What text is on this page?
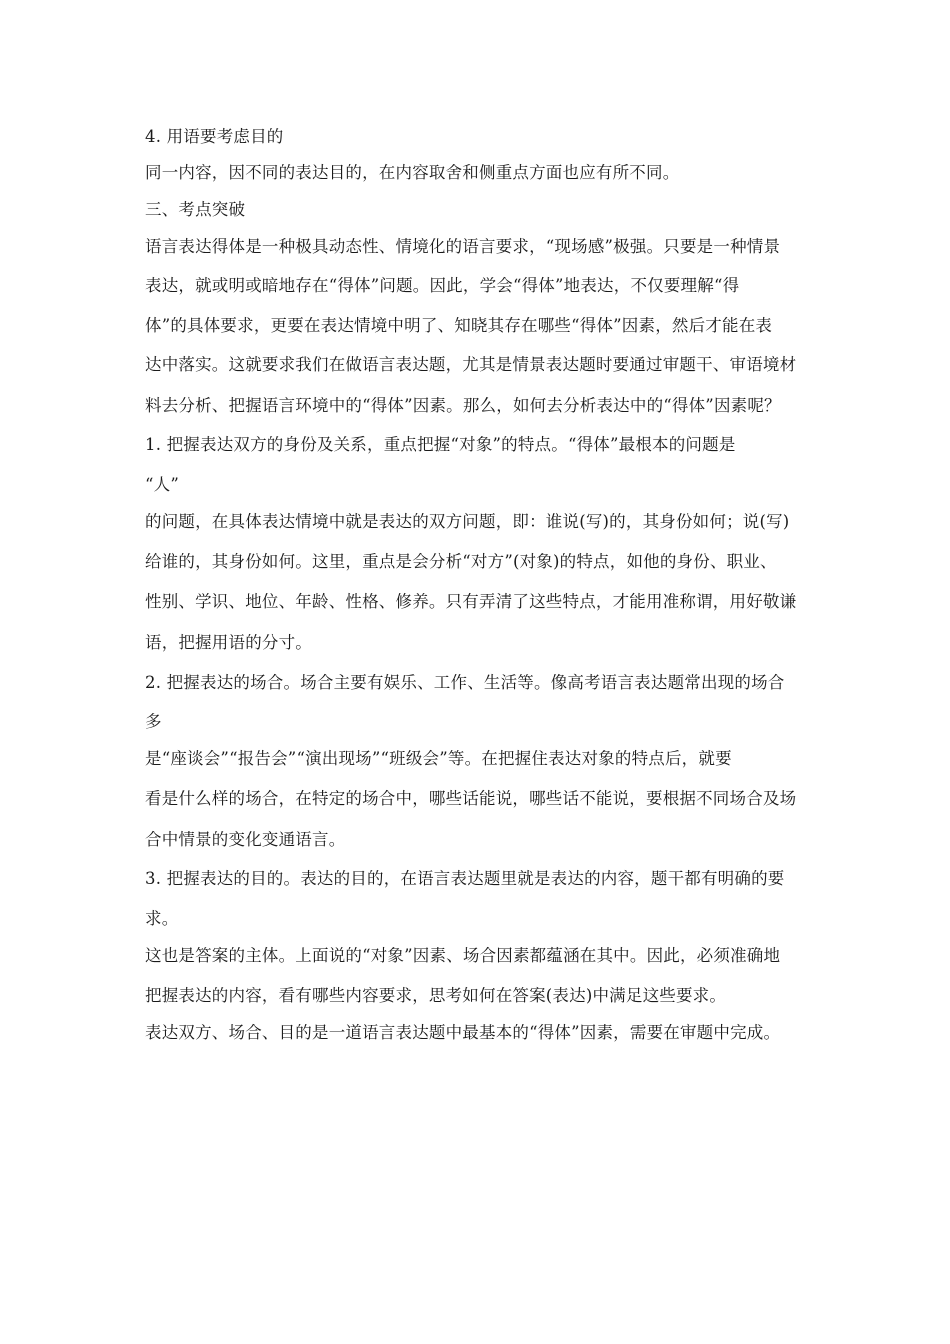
4. 用语要考虑目的
同一内容，因不同的表达目的，在内容取舍和侧重点方面也应有所不同。
三、考点突破
语言表达得体是一种极具动态性、情境化的语言要求，“现场感”极强。只要是一种情景
表达，就或明或暗地存在“得体”问题。因此，学会“得体”地表达，不仅要理解“得
体”的具体要求，更要在表达情境中明了、知晓其存在哪些“得体”因素，然后才能在表
达中落实。这就要求我们在做语言表达题，尤其是情景表达题时要通过审题干、审语境材
料去分析、把握语言环境中的“得体”因素。那么，如何去分析表达中的“得体”因素呢？
1. 把握表达双方的身份及关系，重点把握“对象”的特点。“得体”最根本的问题是
“人”
的问题，在具体表达情境中就是表达的双方问题，即：谁说(写)的，其身份如何；说(写)
给谁的，其身份如何。这里，重点是会分析“对方”(对象)的特点，如他的身份、职业、
性别、学识、地位、年龄、性格、修养。只有弄清了这些特点，才能用准称谓，用好敬谦
语，把握用语的分寸。
2. 把握表达的场合。场合主要有娱乐、工作、生活等。像高考语言表达题常出现的场合
多
是“座谈会”“报告会”“演出现场”“班级会”等。在把握住表达对象的特点后，就要
看是什么样的场合，在特定的场合中，哪些话能说，哪些话不能说，要根据不同场合及场
合中情景的变化变通语言。
3. 把握表达的目的。表达的目的，在语言表达题里就是表达的内容，题干都有明确的要
求。
这也是答案的主体。上面说的“对象”因素、场合因素都蕴涵在其中。因此，必须准确地
把握表达的内容，看有哪些内容要求，思考如何在答案(表达)中满足这些要求。
表达双方、场合、目的是一道语言表达题中最基本的“得体”因素，需要在审题中完成。
